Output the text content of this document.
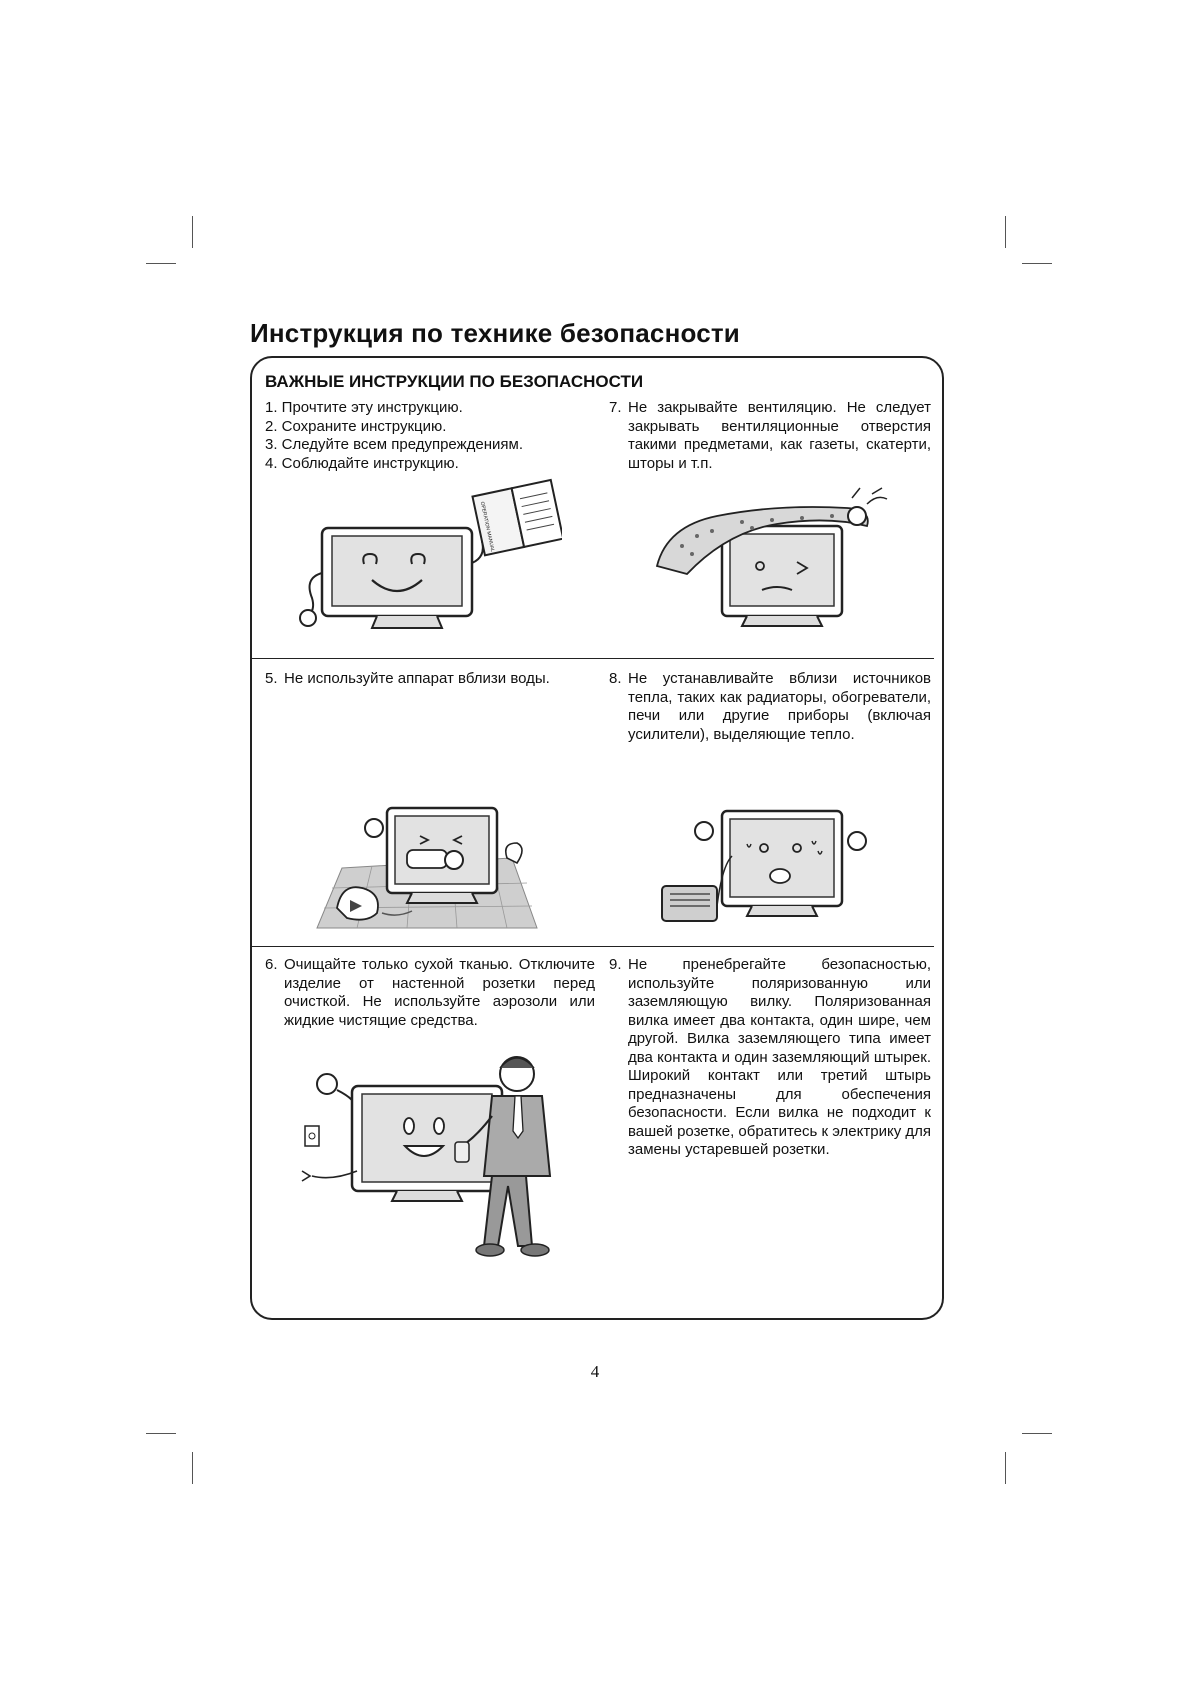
Инструкция по технике безопасности
ВАЖНЫЕ ИНСТРУКЦИИ ПО БЕЗОПАСНОСТИ
1. Прочтите эту инструкцию.
2. Сохраните инструкцию.
3. Следуйте всем предупреждениям.
4. Соблюдайте инструкцию.
7. Не закрывайте вентиляцию. Не следует закрывать вентиляционные отверстия такими предметами, как газеты, скатерти, шторы и т.п.
OPERATION MANUAL
5. Не используйте аппарат вблизи воды.	8. Не устанавливайте вблизи источников тепла, таких как радиаторы, обогреватели, печи или другие приборы (включая усилители), выделяющие тепло.
6. Очищайте только сухой тканью. Отключите изделие от настенной розетки перед очисткой. Не используйте аэрозоли или жидкие чистящие средства.
9. Не пренебрегайте безопасностью, используйте поляризованную или заземляющую вилку. Поляризованная вилка имеет два контакта, один шире, чем другой. Вилка заземляющего типа имеет два контакта и один заземляющий штырек. Широкий контакт или третий штырь предназначены для обеспечения безопасности. Если вилка не подходит к вашей розетке, обратитесь к электрику для замены устаревшей розетки.
4
